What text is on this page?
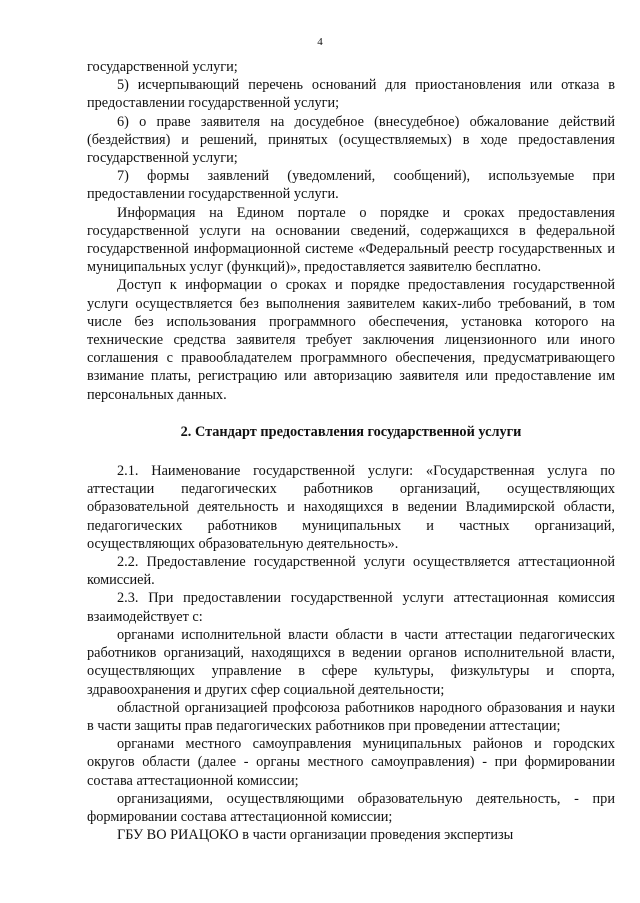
4

государственной услуги;

5) исчерпывающий перечень оснований для приостановления или отказа в предоставлении государственной услуги;

6) о праве заявителя на досудебное (внесудебное) обжалование действий (бездействия) и решений, принятых (осуществляемых) в ходе предоставления государственной услуги;

7) формы заявлений (уведомлений, сообщений), используемые при предоставлении государственной услуги.

Информация на Едином портале о порядке и сроках предоставления государственной услуги на основании сведений, содержащихся в федеральной государственной информационной системе «Федеральный реестр государственных и муниципальных услуг (функций)», предоставляется заявителю бесплатно.

Доступ к информации о сроках и порядке предоставления государственной услуги осуществляется без выполнения заявителем каких-либо требований, в том числе без использования программного обеспечения, установка которого на технические средства заявителя требует заключения лицензионного или иного соглашения с правообладателем программного обеспечения, предусматривающего взимание платы, регистрацию или авторизацию заявителя или предоставление им персональных данных.

2. Стандарт предоставления государственной услуги

2.1. Наименование государственной услуги: «Государственная услуга по аттестации педагогических работников организаций, осуществляющих образовательной деятельность и находящихся в ведении Владимирской области, педагогических работников муниципальных и частных организаций, осуществляющих образовательную деятельность».

2.2. Предоставление государственной услуги осуществляется аттестационной комиссией.

2.3. При предоставлении государственной услуги аттестационная комиссия взаимодействует с:

органами исполнительной власти области в части аттестации педагогических работников организаций, находящихся в ведении органов исполнительной власти, осуществляющих управление в сфере культуры, физкультуры и спорта, здравоохранения и других сфер социальной деятельности;

областной организацией профсоюза работников народного образования и науки в части защиты прав педагогических работников при проведении аттестации;

органами местного самоуправления муниципальных районов и городских округов области (далее - органы местного самоуправления) - при формировании состава аттестационной комиссии;

организациями, осуществляющими образовательную деятельность, - при формировании состава аттестационной комиссии;

ГБУ ВО РИАЦОКО в части организации проведения экспертизы
